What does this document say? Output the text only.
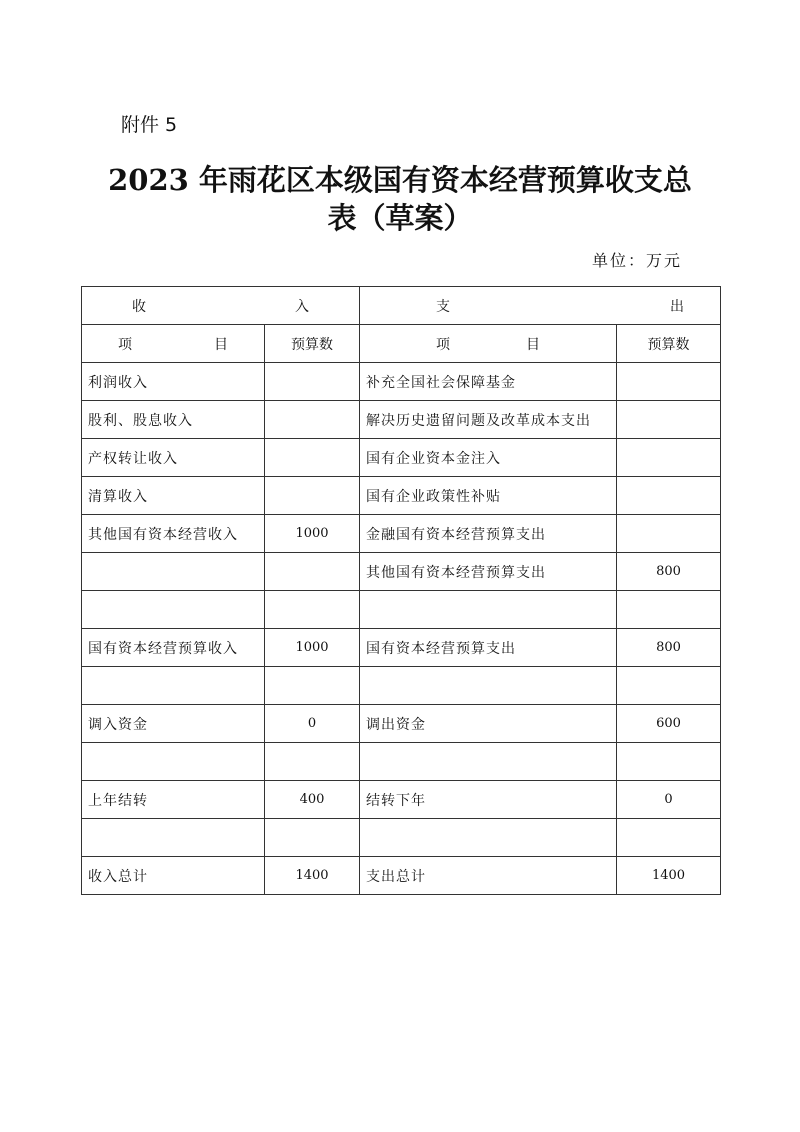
附件 5
2023 年雨花区本级国有资本经营预算收支总
表（草案）
单位：万元
收 入		支 出	

项 目	预算数	项 目	预算数
利润收入		补充全国社会保障基金	
股利、股息收入		解决历史遗留问题及改革成本支出	
产权转让收入		国有企业资本金注入	
清算收入		国有企业政策性补贴	
其他国有资本经营收入	1000	金融国有资本经营预算支出	
		其他国有资本经营预算支出	800

国有资本经营预算收入	1000	国有资本经营预算支出	800

调入资金	0	调出资金	600

上年结转	400	结转下年	0

收入总计	1400	支出总计	1400
